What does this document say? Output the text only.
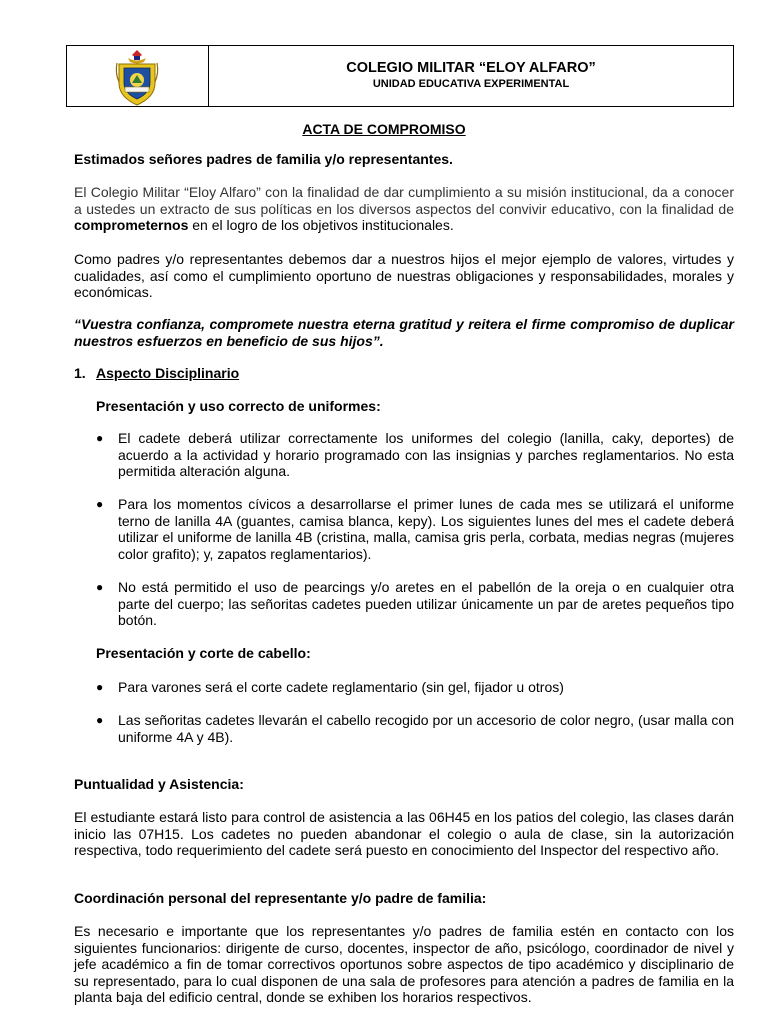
COLEGIO MILITAR “ELOY ALFARO”
UNIDAD EDUCATIVA EXPERIMENTAL
ACTA DE COMPROMISO
Estimados señores padres de familia y/o representantes.
El Colegio Militar “Eloy Alfaro” con la finalidad de dar cumplimiento a su misión institucional, da a conocer a ustedes un extracto de sus políticas en los diversos aspectos del convivir educativo, con la finalidad de comprometernos en el logro de los objetivos institucionales.
Como padres y/o representantes debemos dar a nuestros hijos el mejor ejemplo de valores, virtudes y cualidades, así como el cumplimiento oportuno de nuestras obligaciones y responsabilidades, morales y económicas.
“Vuestra confianza, compromete nuestra eterna gratitud y reitera el firme compromiso de duplicar nuestros esfuerzos en beneficio de sus hijos”.
1. Aspecto Disciplinario
Presentación y uso correcto de uniformes:
● El cadete deberá utilizar correctamente los uniformes del colegio (lanilla, caky, deportes) de acuerdo a la actividad y horario programado con las insignias y parches reglamentarios. No esta permitida alteración alguna.
● Para los momentos cívicos a desarrollarse el primer lunes de cada mes se utilizará el uniforme terno de lanilla 4A (guantes, camisa blanca, kepy). Los siguientes lunes del mes el cadete deberá utilizar el uniforme de lanilla 4B (cristina, malla, camisa gris perla, corbata, medias negras (mujeres color grafito); y, zapatos reglamentarios).
● No está permitido el uso de pearcings y/o aretes en el pabellón de la oreja o en cualquier otra parte del cuerpo; las señoritas cadetes pueden utilizar únicamente un par de aretes pequeños tipo botón.
Presentación y corte de cabello:
● Para varones será el corte cadete reglamentario (sin gel, fijador u otros)
● Las señoritas cadetes llevarán el cabello recogido por un accesorio de color negro, (usar malla con uniforme 4A y 4B).
Puntualidad y Asistencia:
El estudiante estará listo para control de asistencia a las 06H45 en los patios del colegio, las clases darán inicio las 07H15. Los cadetes no pueden abandonar el colegio o aula de clase, sin la autorización respectiva, todo requerimiento del cadete será puesto en conocimiento del Inspector del respectivo año.
Coordinación personal del representante y/o padre de familia:
Es necesario e importante que los representantes y/o padres de familia estén en contacto con los siguientes funcionarios: dirigente de curso, docentes, inspector de año, psicólogo, coordinador de nivel y jefe académico a fin de tomar correctivos oportunos sobre aspectos de tipo académico y disciplinario de su representado, para lo cual disponen de una sala de profesores para atención a padres de familia en la planta baja del edificio central, donde se exhiben los horarios respectivos.
